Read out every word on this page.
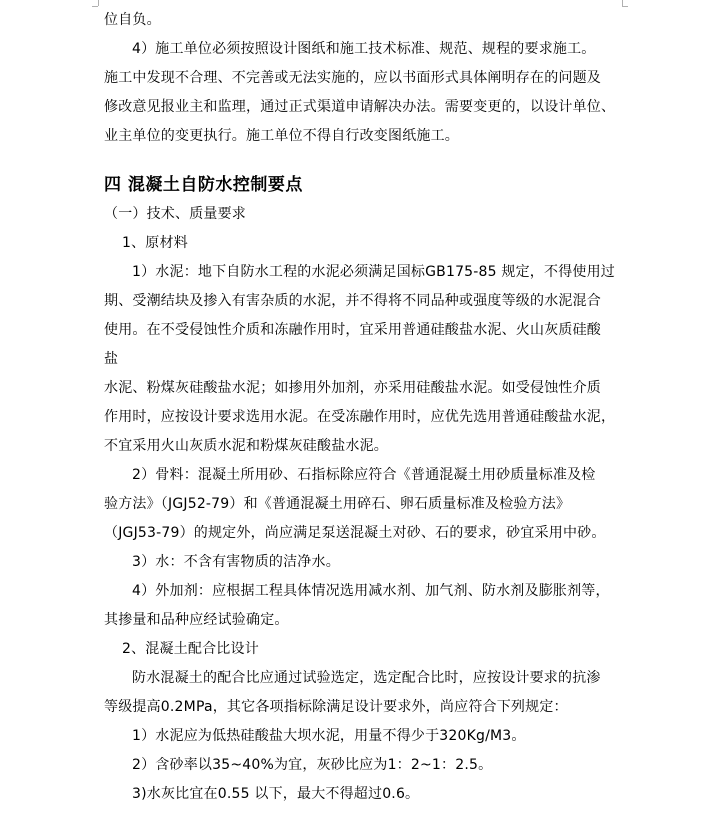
位自负。
4）施工单位必须按照设计图纸和施工技术标准、规范、规程的要求施工。
施工中发现不合理、不完善或无法实施的，应以书面形式具体阐明存在的问题及
修改意见报业主和监理，通过正式渠道申请解决办法。需要变更的，以设计单位、
业主单位的变更执行。施工单位不得自行改变图纸施工。
四 混凝土自防水控制要点
（一）技术、质量要求
1、原材料
1）水泥：地下自防水工程的水泥必须满足国标GB175-85 规定，不得使用过
期、受潮结块及掺入有害杂质的水泥，并不得将不同品种或强度等级的水泥混合
使用。在不受侵蚀性介质和冻融作用时，宜采用普通硅酸盐水泥、火山灰质硅酸
盐
水泥、粉煤灰硅酸盐水泥；如掺用外加剂，亦采用硅酸盐水泥。如受侵蚀性介质
作用时，应按设计要求选用水泥。在受冻融作用时，应优先选用普通硅酸盐水泥，
不宜采用火山灰质水泥和粉煤灰硅酸盐水泥。
2）骨料：混凝土所用砂、石指标除应符合《普通混凝土用砂质量标准及检
验方法》（JGJ52-79）和《普通混凝土用碎石、卵石质量标准及检验方法》
（JGJ53-79）的规定外，尚应满足泵送混凝土对砂、石的要求，砂宜采用中砂。
3）水：不含有害物质的洁净水。
4）外加剂：应根据工程具体情况选用减水剂、加气剂、防水剂及膨胀剂等，
其掺量和品种应经试验确定。
2、混凝土配合比设计
防水混凝土的配合比应通过试验选定，选定配合比时，应按设计要求的抗渗
等级提高0.2MPa，其它各项指标除满足设计要求外，尚应符合下列规定：
1）水泥应为低热硅酸盐大坝水泥，用量不得少于320Kg/M3。
2）含砂率以35~40%为宜，灰砂比应为1：2~1：2.5。
3)水灰比宜在0.55 以下，最大不得超过0.6。
